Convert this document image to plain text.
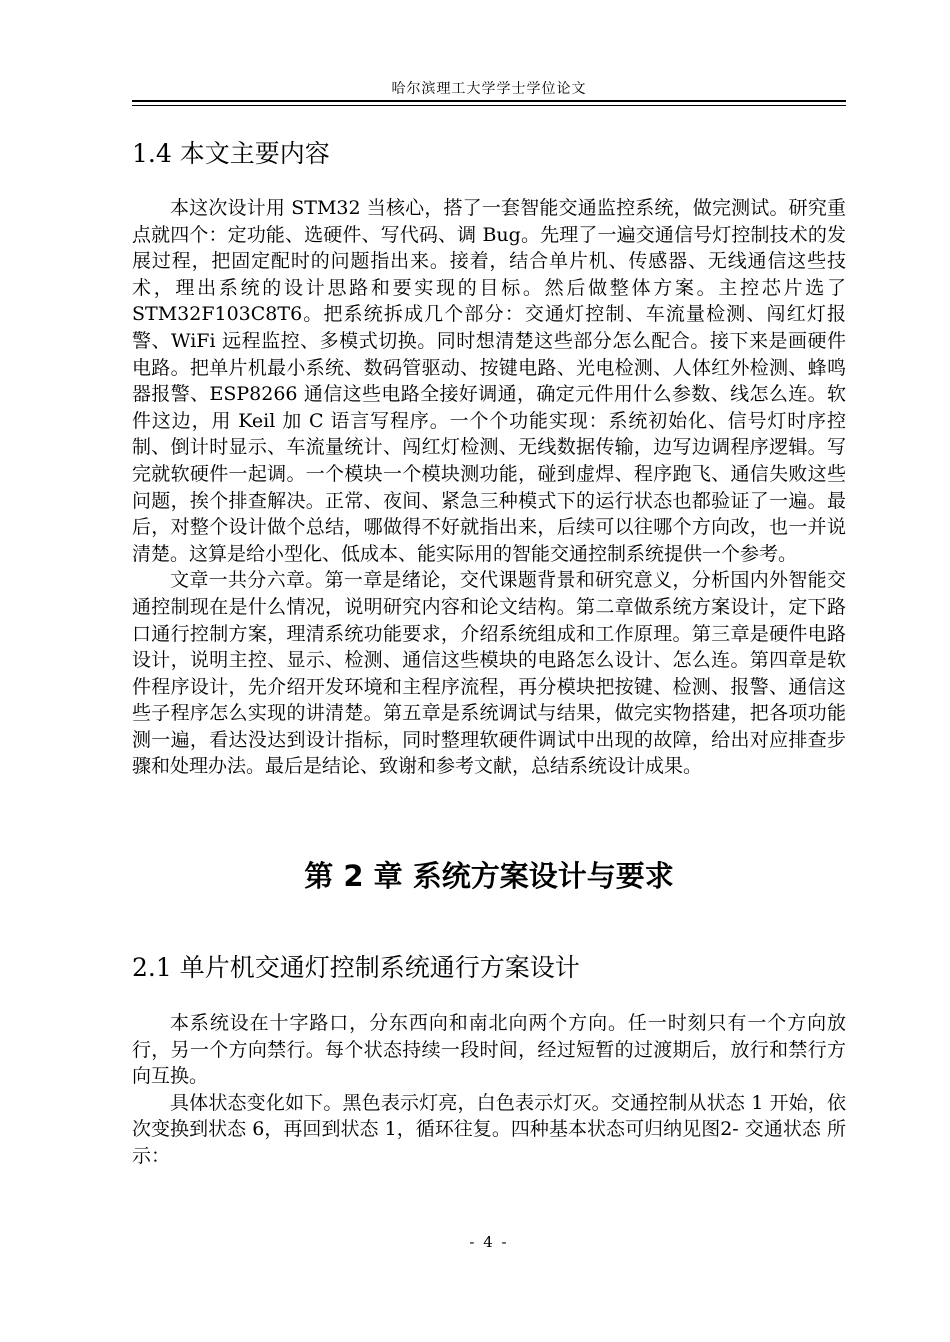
哈尔滨理工大学学士学位论文
1.4 本文主要内容

本这次设计用 STM32 当核心，搭了一套智能交通监控系统，做完测试。研究重点就四个：定功能、选硬件、写代码、调 Bug。先理了一遍交通信号灯控制技术的发展过程，把固定配时的问题指出来。接着，结合单片机、传感器、无线通信这些技术，理出系统的设计思路和要实现的目标。然后做整体方案。主控芯片选了 STM32F103C8T6。把系统拆成几个部分：交通灯控制、车流量检测、闯红灯报警、WiFi 远程监控、多模式切换。同时想清楚这些部分怎么配合。接下来是画硬件电路。把单片机最小系统、数码管驱动、按键电路、光电检测、人体红外检测、蜂鸣器报警、ESP8266 通信这些电路全接好调通，确定元件用什么参数、线怎么连。软件这边，用 Keil 加 C 语言写程序。一个个功能实现：系统初始化、信号灯时序控制、倒计时显示、车流量统计、闯红灯检测、无线数据传输，边写边调程序逻辑。写完就软硬件一起调。一个模块一个模块测功能，碰到虚焊、程序跑飞、通信失败这些问题，挨个排查解决。正常、夜间、紧急三种模式下的运行状态也都验证了一遍。最后，对整个设计做个总结，哪做得不好就指出来，后续可以往哪个方向改，也一并说清楚。这算是给小型化、低成本、能实际用的智能交通控制系统提供一个参考。

文章一共分六章。第一章是绪论，交代课题背景和研究意义，分析国内外智能交通控制现在是什么情况，说明研究内容和论文结构。第二章做系统方案设计，定下路口通行控制方案，理清系统功能要求，介绍系统组成和工作原理。第三章是硬件电路设计，说明主控、显示、检测、通信这些模块的电路怎么设计、怎么连。第四章是软件程序设计，先介绍开发环境和主程序流程，再分模块把按键、检测、报警、通信这些子程序怎么实现的讲清楚。第五章是系统调试与结果，做完实物搭建，把各项功能测一遍，看达没达到设计指标，同时整理软硬件调试中出现的故障，给出对应排查步骤和处理办法。最后是结论、致谢和参考文献，总结系统设计成果。

第 2 章 系统方案设计与要求
2.1 单片机交通灯控制系统通行方案设计

本系统设在十字路口，分东西向和南北向两个方向。任一时刻只有一个方向放行，另一个方向禁行。每个状态持续一段时间，经过短暂的过渡期后，放行和禁行方向互换。

具体状态变化如下。黑色表示灯亮，白色表示灯灭。交通控制从状态 1 开始，依次变换到状态 6，再回到状态 1，循环往复。四种基本状态可归纳见图2- 交通状态 所示：

- 4 -
